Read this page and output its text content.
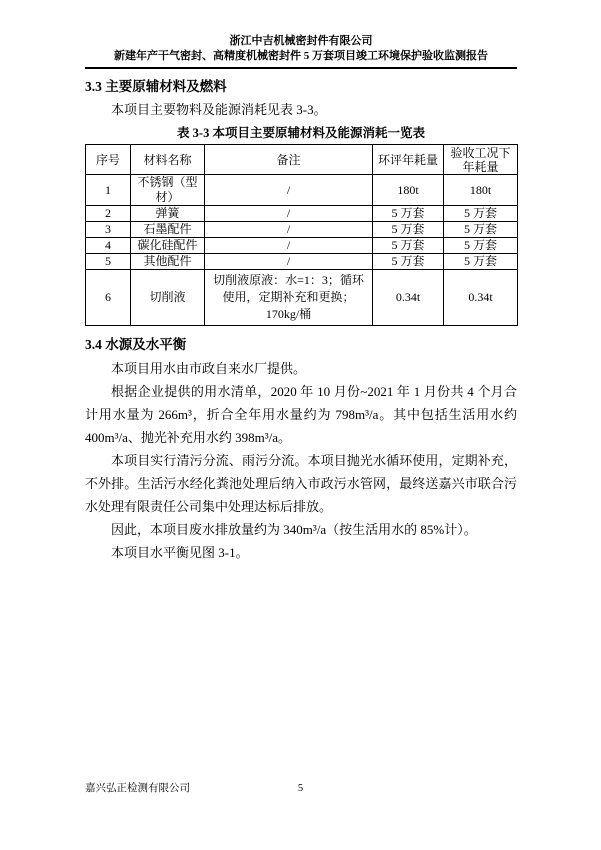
浙江中吉机械密封件有限公司
新建年产干气密封、高精度机械密封件 5 万套项目竣工环境保护验收监测报告
3.3 主要原辅材料及燃料

本项目主要物料及能源消耗见表 3-3。

表 3-3 本项目主要原辅材料及能源消耗一览表
序号	材料名称	备注	环评年耗量	验收工况下年耗量
1	不锈钢（型材）	/	180t	180t
2	弹簧	/	5 万套	5 万套
3	石墨配件	/	5 万套	5 万套
4	碳化硅配件	/	5 万套	5 万套
5	其他配件	/	5 万套	5 万套
6	切削液	切削液原液：水=1：3；循环使用，定期补充和更换；170kg/桶	0.34t	0.34t
3.4 水源及水平衡

本项目用水由市政自来水厂提供。

根据企业提供的用水清单，2020 年 10 月份~2021 年 1 月份共 4 个月合计用水量为 266m³，折合全年用水量约为 798m³/a。其中包括生活用水约 400m³/a、抛光补充用水约 398m³/a。

本项目实行清污分流、雨污分流。本项目抛光水循环使用，定期补充，不外排。生活污水经化粪池处理后纳入市政污水管网，最终送嘉兴市联合污水处理有限责任公司集中处理达标后排放。

因此，本项目废水排放量约为 340m³/a（按生活用水的 85%计）。

本项目水平衡见图 3-1。

嘉兴弘正检测有限公司	5
